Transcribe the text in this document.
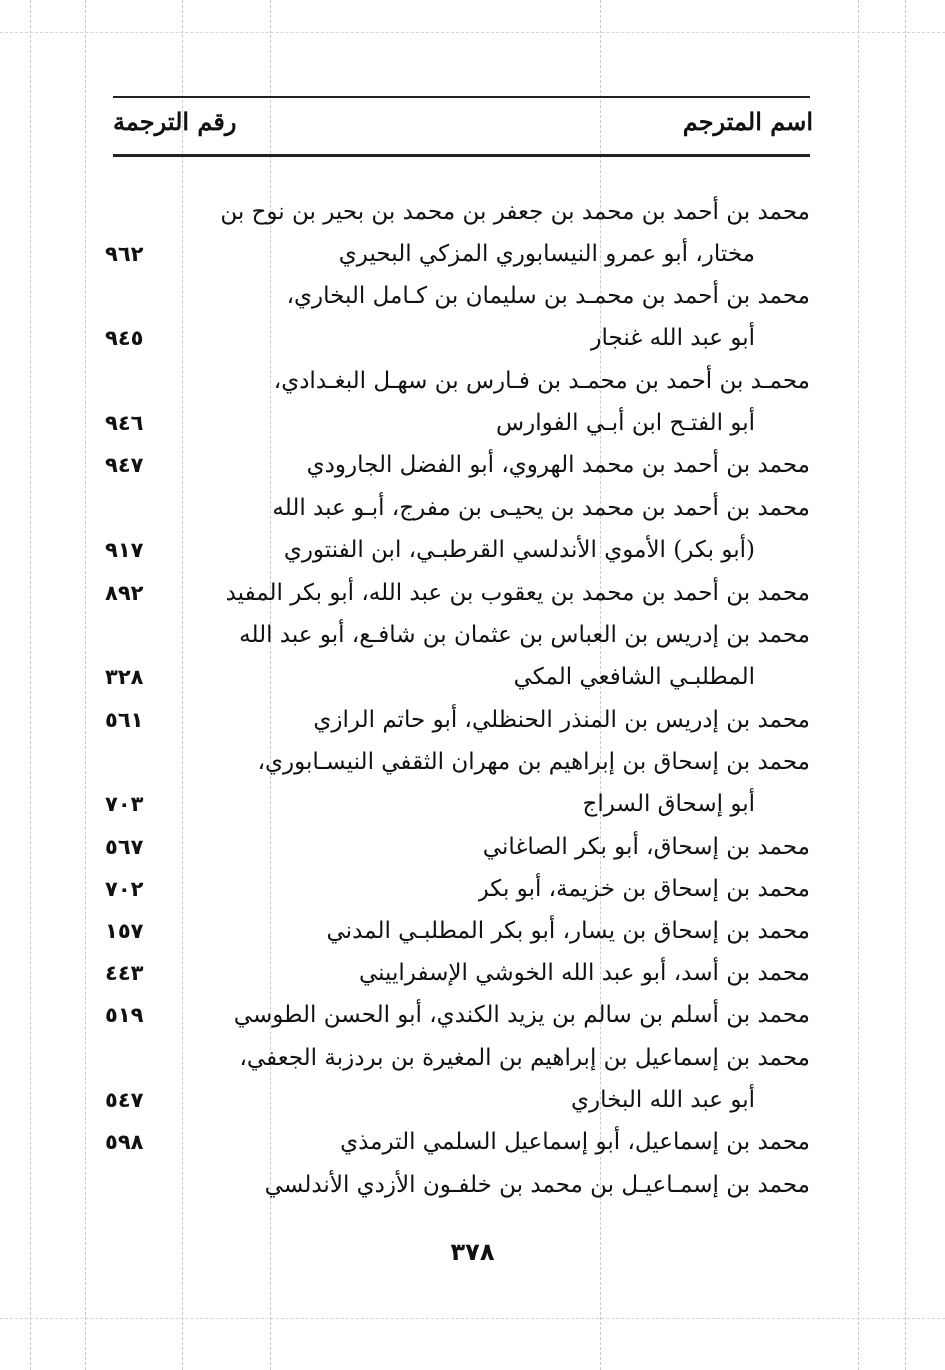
اسم المترجم
رقم الترجمة
محمد بن أحمد بن محمد بن جعفر بن محمد بن بحير بن نوح بن
مختار، أبو عمرو النيسابوري المزكي البحيري
٩٦٢
محمد بن أحمد بن محمـد بن سليمان بن كـامل البخاري،
أبو عبد الله غنجار
٩٤٥
محمـد بن أحمد بن محمـد بن فـارس بن سهـل البغـدادي،
أبو الفتـح ابن أبـي الفوارس
٩٤٦
محمد بن أحمد بن محمد الهروي، أبو الفضل الجارودي
٩٤٧
محمد بن أحمد بن محمد بن يحيـى بن مفرج، أبـو عبد الله
(أبو بكر) الأموي الأندلسي القرطبـي، ابن الفنتوري
٩١٧
محمد بن أحمد بن محمد بن يعقوب بن عبد الله، أبو بكر المفيد
٨٩٢
محمد بن إدريس بن العباس بن عثمان بن شافـع، أبو عبد الله
المطلبـي الشافعي المكي
٣٢٨
محمد بن إدريس بن المنذر الحنظلي، أبو حاتم الرازي
٥٦١
محمد بن إسحاق بن إبراهيم بن مهران الثقفي النيسـابوري،
أبو إسحاق السراج
٧٠٣
محمد بن إسحاق، أبو بكر الصاغاني
٥٦٧
محمد بن إسحاق بن خزيمة، أبو بكر
٧٠٢
محمد بن إسحاق بن يسار، أبو بكر المطلبـي المدني
١٥٧
محمد بن أسد، أبو عبد الله الخوشي الإسفراييني
٤٤٣
محمد بن أسلم بن سالم بن يزيد الكندي، أبو الحسن الطوسي
٥١٩
محمد بن إسماعيل بن إبراهيم بن المغيرة بن بردزبة الجعفي،
أبو عبد الله البخاري
٥٤٧
محمد بن إسماعيل، أبو إسماعيل السلمي الترمذي
٥٩٨
محمد بن إسمـاعيـل بن محمد بن خلفـون الأزدي الأندلسي
٣٧٨
